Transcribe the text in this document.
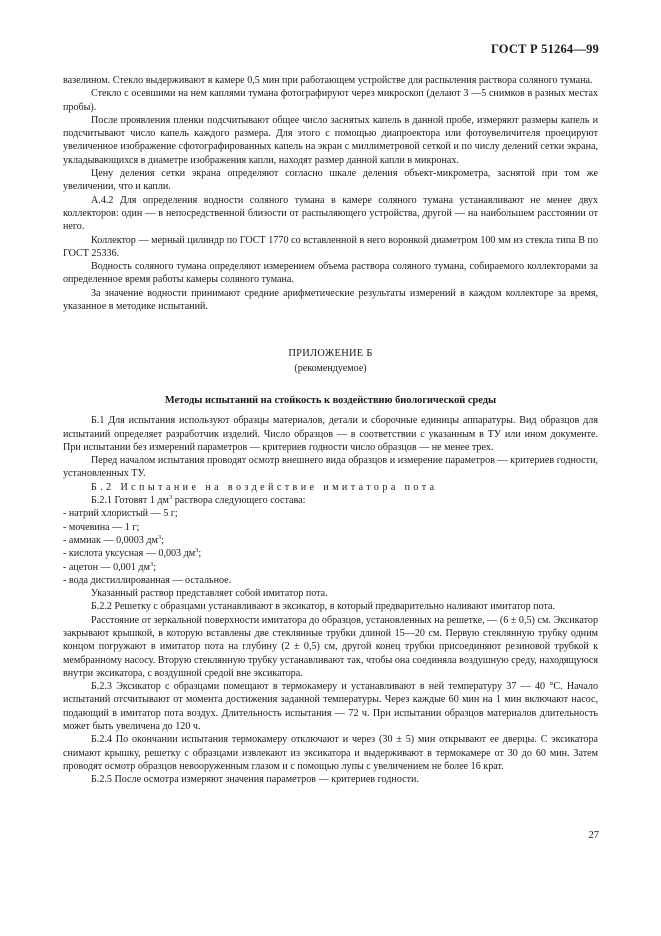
ГОСТ Р 51264—99

вазелином. Стекло выдерживают в камере 0,5 мин при работающем устройстве для распыления раствора соляного тумана.

Стекло с осевшими на нем каплями тумана фотографируют через микроскоп (делают 3 —5 снимков в разных местах пробы).

После проявления пленки подсчитывают общее число заснятых капель в данной пробе, измеряют размеры капель и подсчитывают число капель каждого размера. Для этого с помощью диапроектора или фотоувеличителя проецируют увеличенное изображение сфотографированных капель на экран с миллиметровой сеткой и по числу делений сетки экрана, укладывающихся в диаметре изображения капли, находят размер данной капли в микронах.

Цену деления сетки экрана определяют согласно шкале деления объект-микрометра, заснятой при том же увеличении, что и капли.

А.4.2 Для определения водности соляного тумана в камере соляного тумана устанавливают не менее двух коллекторов: один — в непосредственной близости от распыляющего устройства, другой — на наибольшем расстоянии от него.

Коллектор — мерный цилиндр по ГОСТ 1770 со вставленной в него воронкой диаметром 100 мм из стекла типа В по ГОСТ 25336.

Водность соляного тумана определяют измерением объема раствора соляного тумана, собираемого коллекторами за определенное время работы камеры соляного тумана.

За значение водности принимают средние арифметические результаты измерений в каждом коллекторе за время, указанное в методике испытаний.

ПРИЛОЖЕНИЕ Б

(рекомендуемое)

Методы испытаний на стойкость к воздействию биологической среды

Б.1 Для испытания используют образцы материалов, детали и сборочные единицы аппаратуры. Вид образцов для испытаний определяет разработчик изделий. Число образцов — в соответствии с указанным в ТУ или ином документе. При испытании без измерений параметров — критериев годности число образцов — не менее трех.

Перед началом испытания проводят осмотр внешнего вида образцов и измерение параметров — критериев годности, установленных ТУ.

Б.2 Испытание на воздействие имитатора пота

Б.2.1 Готовят 1 $дм^3$ раствора следующего состава:

- натрий хлористый — 5 г;

- мочевина — 1 г;

- аммиак — 0,0003 $дм^3$;

- кислота уксусная — 0,003 $дм^3$;

- ацетон — 0,001 $дм^3$;

- вода дистиллированная — остальное.

Указанный раствор представляет собой имитатор пота.

Б.2.2 Решетку с образцами устанавливают в эксикатор, в который предварительно наливают имитатор пота.

Расстояние от зеркальной поверхности имитатора до образцов, установленных на решетке, — (6 ± 0,5) см. Эксикатор закрывают крышкой, в которую вставлены две стеклянные трубки длиной 15—20 см. Первую стеклянную трубку одним концом погружают в имитатор пота на глубину (2 ± 0,5) см, другой конец трубки присоединяют резиновой трубкой к мембранному насосу. Вторую стеклянную трубку устанавливают так, чтобы она соединяла воздушную среду, находящуюся внутри эксикатора, с воздушной средой вне эксикатора.

Б.2.3 Эксикатор с образцами помещают в термокамеру и устанавливают в ней температуру 37 — 40 °С. Начало испытаний отсчитывают от момента достижения заданной температуры. Через каждые 60 мин на 1 мин включают насос, подающий в имитатор пота воздух. Длительность испытания — 72 ч. При испытании образцов материалов длительность может быть увеличена до 120 ч.

Б.2.4 По окончании испытания термокамеру отключают и через (30 ± 5) мин открывают ее дверцы. С эксикатора снимают крышку, решетку с образцами извлекают из эксикатора и выдерживают в термокамере от 30 до 60 мин. Затем проводят осмотр образцов невооруженным глазом и с помощью лупы с увеличением не более 16 крат.

Б.2.5 После осмотра измеряют значения параметров — критериев годности.

27
